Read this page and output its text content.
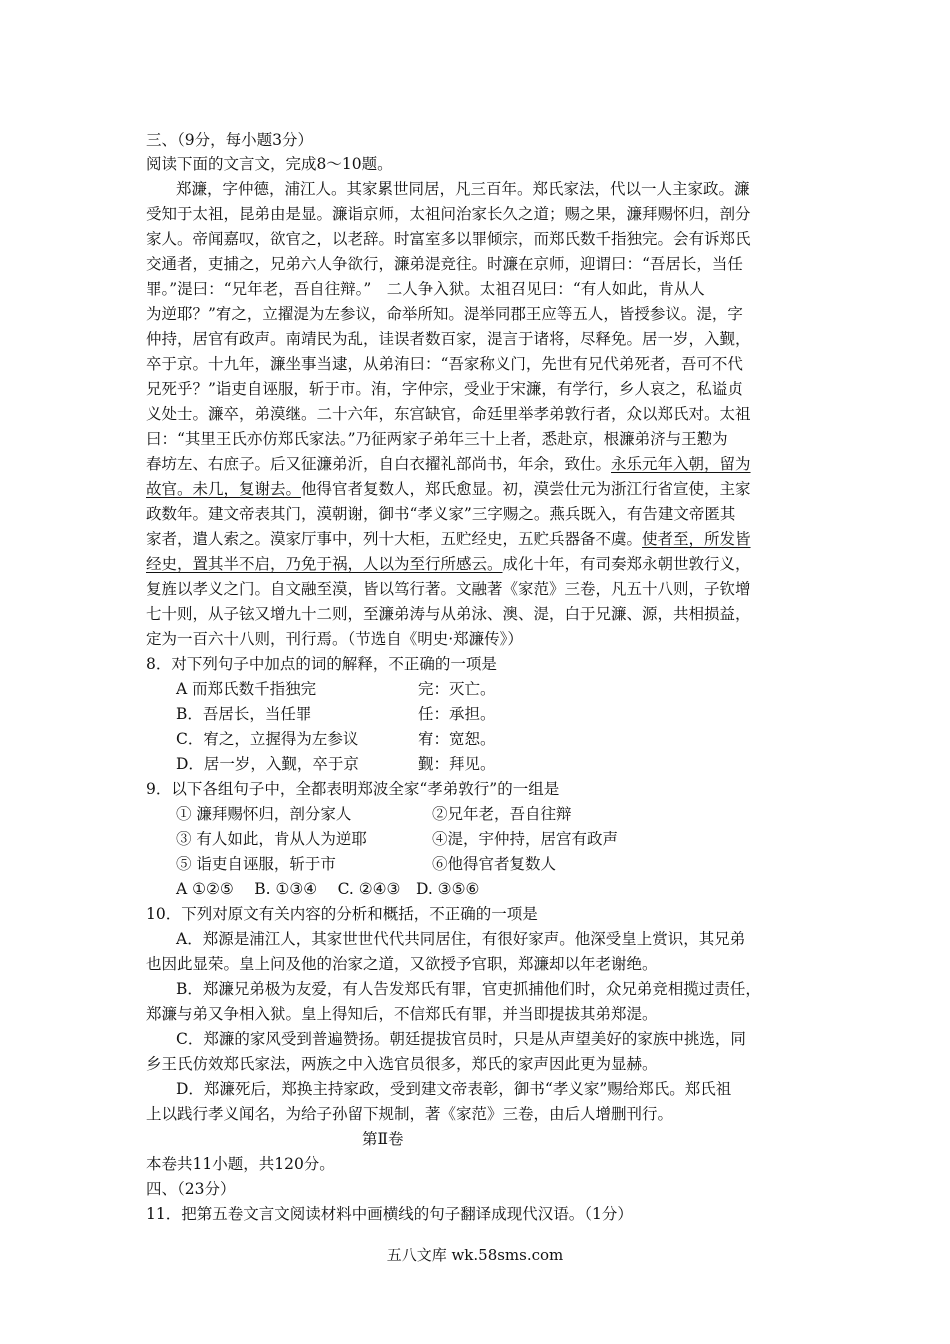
三、（9分，每小题3分）
阅读下面的文言文，完成8～10题。
郑濂，字仲德，浦江人。其家累世同居，凡三百年。郑氏家法，代以一人主家政。濂
受知于太祖，昆弟由是显。濂诣京师，太祖问治家长久之道；赐之果，濂拜赐怀归，剖分
家人。帝闻嘉叹，欲官之，以老辞。时富室多以罪倾宗，而郑氏数千指独完。会有诉郑氏
交通者，吏捕之，兄弟六人争欲行，濂弟湜竞往。时濂在京师，迎谓曰：“吾居长，当任
罪。”湜曰：“兄年老，吾自往辩。”　二人争入狱。太祖召见曰：“有人如此，肯从人
为逆耶？”宥之，立擢湜为左参议，命举所知。湜举同郡王应等五人，皆授参议。湜，字
仲持，居官有政声。南靖民为乱，诖误者数百家，湜言于诸将，尽释免。居一岁，入觐，
卒于京。十九年，濂坐事当逮，从弟洧曰：“吾家称义门，先世有兄代弟死者，吾可不代
兄死乎？”诣吏自诬服，斩于市。洧，字仲宗，受业于宋濂，有学行，乡人哀之，私谥贞
义处士。濂卒，弟漠继。二十六年，东宫缺官，命廷里举孝弟敦行者，众以郑氏对。太祖
曰：“其里王氏亦仿郑氏家法。”乃征两家子弟年三十上者，悉赴京，根濂弟济与王懃为
春坊左、右庶子。后又征濂弟沂，自白衣擢礼部尚书，年余，致仕。永乐元年入朝，留为
故官。未几，复谢去。他得官者复数人，郑氏愈显。初，漠尝仕元为浙江行省宣使，主家
政数年。建文帝表其门，漠朝谢，御书“孝义家”三字赐之。燕兵既入，有告建文帝匿其
家者，遣人索之。漠家厅事中，列十大柜，五贮经史，五贮兵器备不虞。使者至，所发皆
经史，置其半不启，乃免于祸，人以为至行所感云。成化十年，有司奏郑永朝世敦行义，
复旌以孝义之门。自文融至漠，皆以笃行著。文融著《家范》三卷，凡五十八则，子钦增
七十则，从子铉又增九十二则，至濂弟涛与从弟泳、澳、湜，白于兄濂、源，共相损益，
定为一百六十八则，刊行焉。（节选自《明史·郑濂传》）
8．对下列句子中加点的词的解释，不正确的一项是
A 而郑氏数千指独完	完：灭亡。
B．吾居长，当任罪	任：承担。
C．宥之，立握得为左参议	宥：宽恕。
D．居一岁，入觐，卒于京	觐：拜见。
9．以下各组句子中，全都表明郑波全家“孝弟敦行”的一组是
① 濂拜赐怀归，剖分家人	②兄年老，吾自往辩
③ 有人如此，肯从人为逆耶	④湜，宇仲持，居宫有政声
⑤ 诣吏自诬服，斩于市	⑥他得官者复数人
A ①②⑤　 B. ①③④　 C. ②④③　D. ③⑤⑥
10．下列对原文有关内容的分析和概括，不正确的一项是
A．郑源是浦江人，其家世世代代共同居住，有很好家声。他深受皇上赏识，其兄弟
也因此显荣。皇上问及他的治家之道，又欲授予官职，郑濂却以年老谢绝。
B．郑濂兄弟极为友爱，有人告发郑氏有罪，官吏抓捕他们时，众兄弟竞相揽过责任，
郑濂与弟又争相入狱。皇上得知后，不信郑氏有罪，并当即提拔其弟郑湜。
C．郑濂的家风受到普遍赞扬。朝廷提拔官员时，只是从声望美好的家族中挑选，同
乡王氏仿效郑氏家法，两族之中入选官员很多，郑氏的家声因此更为显赫。
D．郑濂死后，郑换主持家政，受到建文帝表彰，御书“孝义家”赐给郑氏。郑氏祖
上以践行孝义闻名，为给子孙留下规制，著《家范》三卷，由后人增删刊行。
第Ⅱ卷
本卷共11小题，共120分。
四、（23分）
11．把第五卷文言文阅读材料中画横线的句子翻译成现代汉语。（1分）
五八文库 wk.58sms.com
